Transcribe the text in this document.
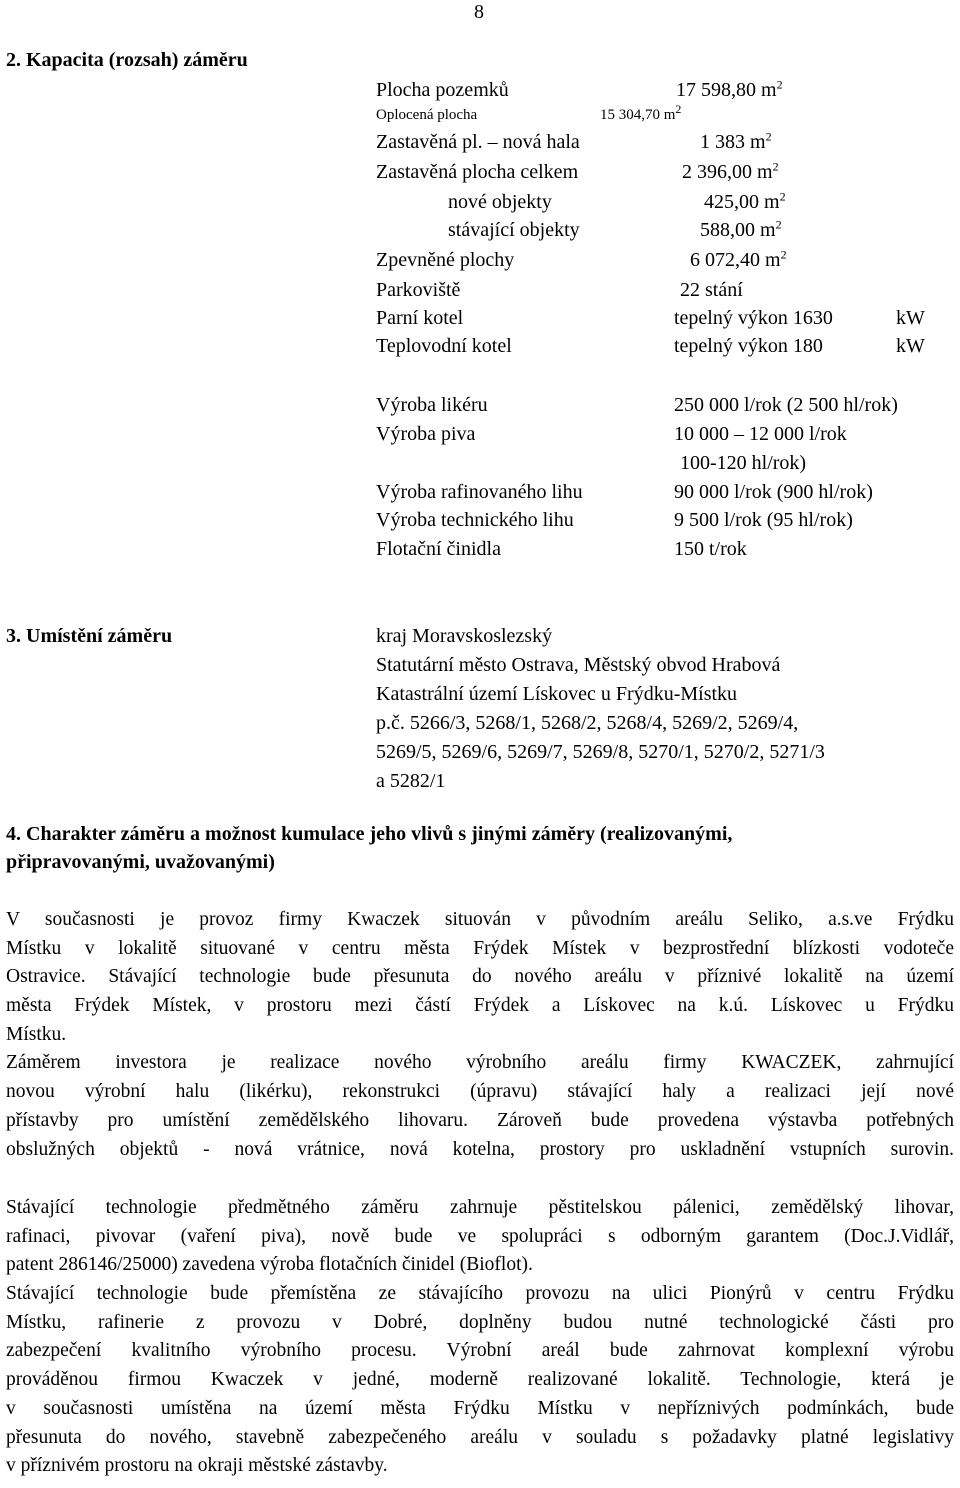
8
2. Kapacita (rozsah) záměru
Plocha pozemků	17 598,80 $m^2$
Oplocená plocha	15 304,70 $m^2$
Zastavěná pl. – nová hala	1 383 $m^2$
Zastavěná plocha celkem	2 396,00 $m^2$
nové objekty	425,00 $m^2$
stávající objekty	588,00 $m^2$
Zpevněné plochy	6 072,40 $m^2$
Parkoviště	22 stání
Parní kotel	tepelný výkon 1630	kW
Teplovodní kotel	tepelný výkon 180	kW
Výroba likéru	250 000 l/rok (2 500 hl/rok)
Výroba piva	10 000 – 12 000 l/rok
100-120 hl/rok)
Výroba rafinovaného lihu	90 000 l/rok (900 hl/rok)
Výroba technického lihu	9 500 l/rok (95 hl/rok)
Flotační činidla	150 t/rok
3. Umístění záměru	kraj Moravskoslezský
Statutární město Ostrava, Městský obvod Hrabová
Katastrální území Lískovec u Frýdku-Místku
p.č. 5266/3, 5268/1, 5268/2, 5268/4, 5269/2, 5269/4,
5269/5, 5269/6, 5269/7, 5269/8, 5270/1, 5270/2, 5271/3
a 5282/1
4. Charakter záměru a možnost kumulace jeho vlivů s jinými záměry (realizovanými,
připravovanými, uvažovanými)
V současnosti je provoz firmy Kwaczek situován v původním areálu Seliko, a.s.ve Frýdku
Místku v lokalitě situované v centru města Frýdek Místek v bezprostřední blízkosti vodoteče
Ostravice. Stávající technologie bude přesunuta do nového areálu v příznivé lokalitě na území
města Frýdek Místek, v prostoru mezi částí Frýdek a Lískovec na k.ú. Lískovec u Frýdku
Místku.
Záměrem investora je realizace nového výrobního areálu firmy KWACZEK, zahrnující
novou výrobní halu (likérku), rekonstrukci (úpravu) stávající haly a realizaci její nové
přístavby pro umístění zemědělského lihovaru. Zároveň bude provedena výstavba potřebných
obslužných objektů - nová vrátnice, nová kotelna, prostory pro uskladnění vstupních surovin.
Stávající technologie předmětného záměru zahrnuje pěstitelskou pálenici, zemědělský lihovar,
rafinaci, pivovar (vaření piva), nově bude ve spolupráci s odborným garantem (Doc.J.Vidlář,
patent 286146/25000) zavedena výroba flotačních činidel (Bioflot).
Stávající technologie bude přemístěna ze stávajícího provozu na ulici Pionýrů v centru Frýdku
Místku, rafinerie z provozu v Dobré, doplněny budou nutné technologické části pro
zabezpečení kvalitního výrobního procesu. Výrobní areál bude zahrnovat komplexní výrobu
prováděnou firmou Kwaczek v jedné, moderně realizované lokalitě. Technologie, která je
v současnosti umístěna na území města Frýdku Místku v nepříznivých podmínkách, bude
přesunuta do nového, stavebně zabezpečeného areálu v souladu s požadavky platné legislativy
v příznivém prostoru na okraji městské zástavby.
